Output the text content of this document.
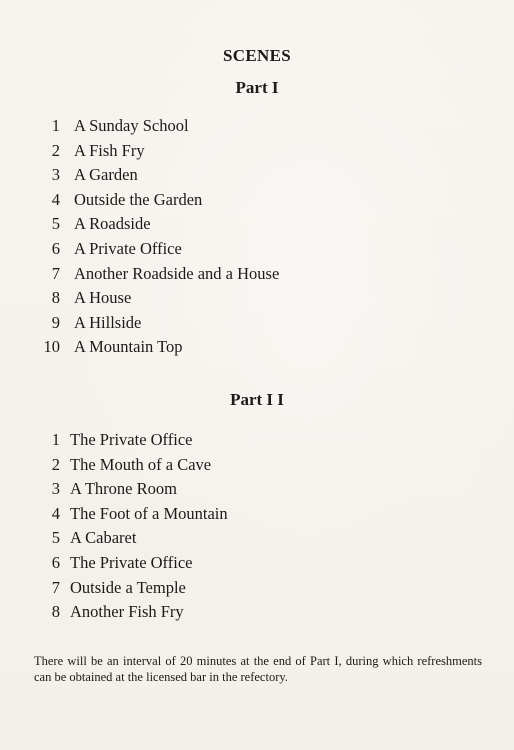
SCENES
Part I
1 A Sunday School
2 A Fish Fry
3 A Garden
4 Outside the Garden
5 A Roadside
6 A Private Office
7 Another Roadside and a House
8 A House
9 A Hillside
10 A Mountain Top
Part I I
1 The Private Office
2 The Mouth of a Cave
3 A Throne Room
4 The Foot of a Mountain
5 A Cabaret
6 The Private Office
7 Outside a Temple
8 Another Fish Fry

There will be an interval of 20 minutes at the end of Part I, during which refreshments can be obtained at the licensed bar in the refectory.
